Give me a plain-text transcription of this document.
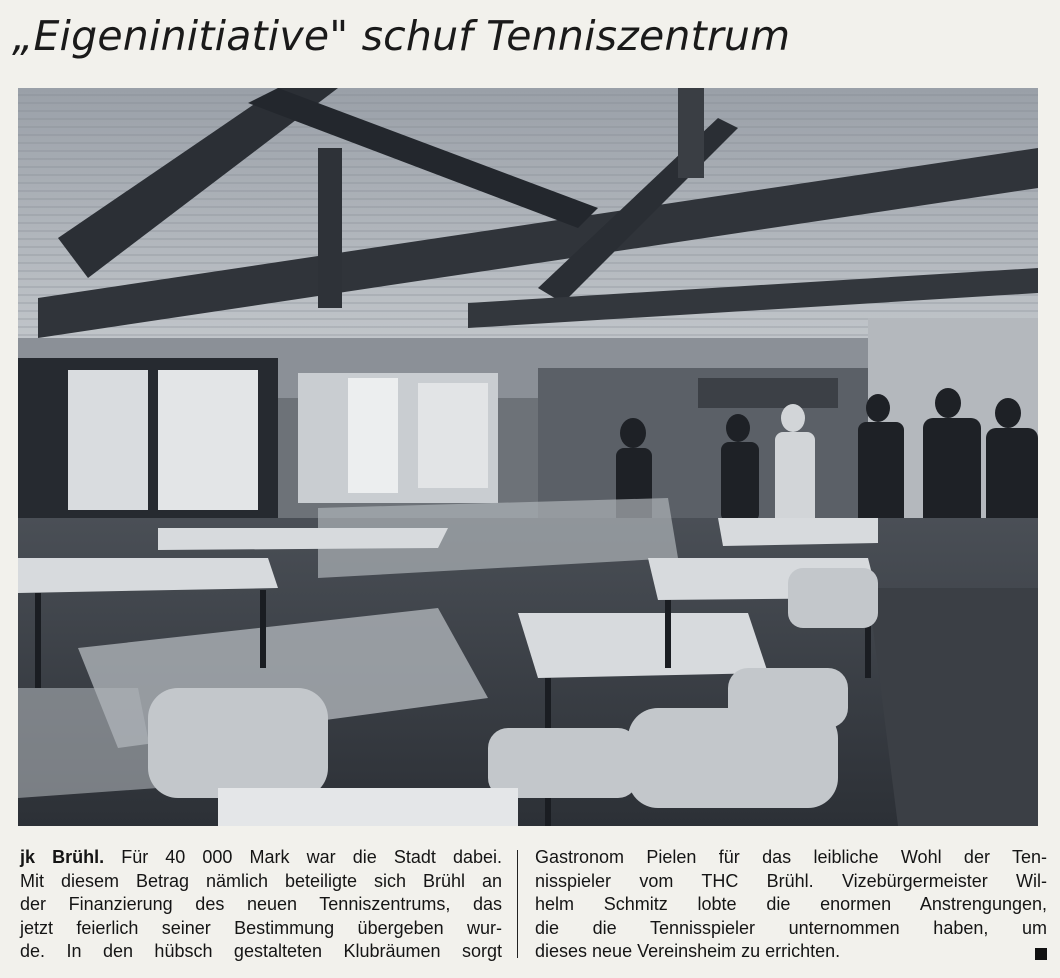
„Eigeninitiative" schuf Tenniszentrum
jk Brühl. Für 40 000 Mark war die Stadt dabei.
Mit diesem Betrag nämlich beteiligte sich Brühl an
der Finanzierung des neuen Tenniszentrums, das
jetzt feierlich seiner Bestimmung übergeben wur-
de. In den hübsch gestalteten Klubräumen sorgt
Gastronom Pielen für das leibliche Wohl der Ten-
nisspieler vom THC Brühl. Vizebürgermeister Wil-
helm Schmitz lobte die enormen Anstrengungen,
die die Tennisspieler unternommen haben, um
dieses neue Vereinsheim zu errichten.
